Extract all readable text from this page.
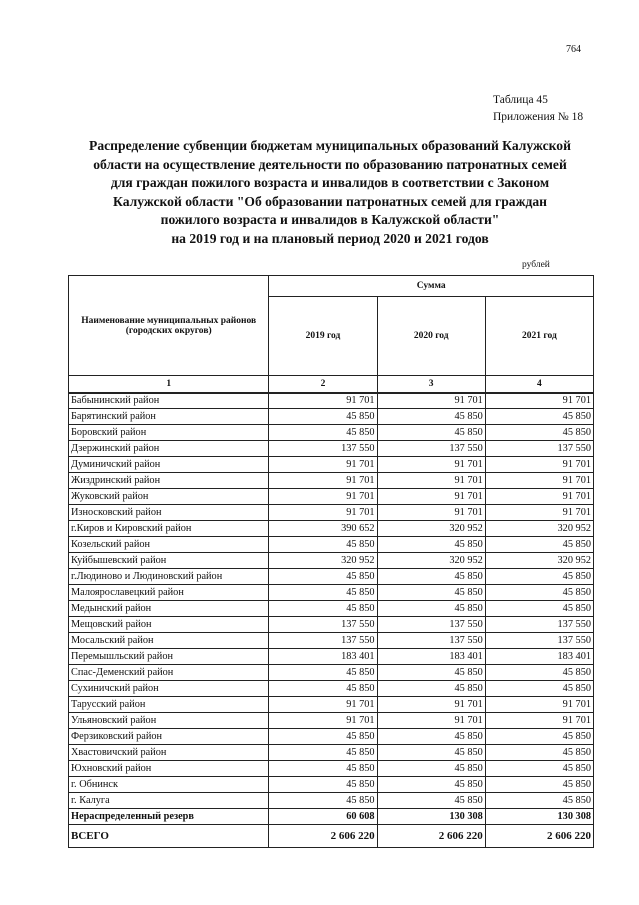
764
Таблица 45
Приложения № 18
Распределение субвенции бюджетам муниципальных образований Калужской
области на осуществление деятельности по образованию патронатных семей
для граждан пожилого возраста и инвалидов в соответствии с Законом
Калужской области "Об образовании патронатных семей для граждан
пожилого возраста и инвалидов в Калужской области"
на 2019 год и на плановый период 2020 и 2021 годов
рублей
Наименование муниципальных районов (городских округов)	Сумма		
	2019 год	2020 год	2021 год
1	2	3	4
Бабынинский район	91 701	91 701	91 701
Барятинский район	45 850	45 850	45 850
Боровский район	45 850	45 850	45 850
Дзержинский район	137 550	137 550	137 550
Думиничский район	91 701	91 701	91 701
Жиздринский район	91 701	91 701	91 701
Жуковский район	91 701	91 701	91 701
Износковский район	91 701	91 701	91 701
г.Киров и Кировский район	390 652	320 952	320 952
Козельский район	45 850	45 850	45 850
Куйбышевский район	320 952	320 952	320 952
г.Людиново и Людиновский район	45 850	45 850	45 850
Малоярославецкий район	45 850	45 850	45 850
Медынский район	45 850	45 850	45 850
Мещовский район	137 550	137 550	137 550
Мосальский район	137 550	137 550	137 550
Перемышльский район	183 401	183 401	183 401
Спас-Деменский район	45 850	45 850	45 850
Сухиничский район	45 850	45 850	45 850
Тарусский район	91 701	91 701	91 701
Ульяновский район	91 701	91 701	91 701
Ферзиковский район	45 850	45 850	45 850
Хвастовичский район	45 850	45 850	45 850
Юхновский район	45 850	45 850	45 850
г. Обнинск	45 850	45 850	45 850
г. Калуга	45 850	45 850	45 850
Нераспределенный резерв	60 608	130 308	130 308
ВСЕГО	2 606 220	2 606 220	2 606 220
